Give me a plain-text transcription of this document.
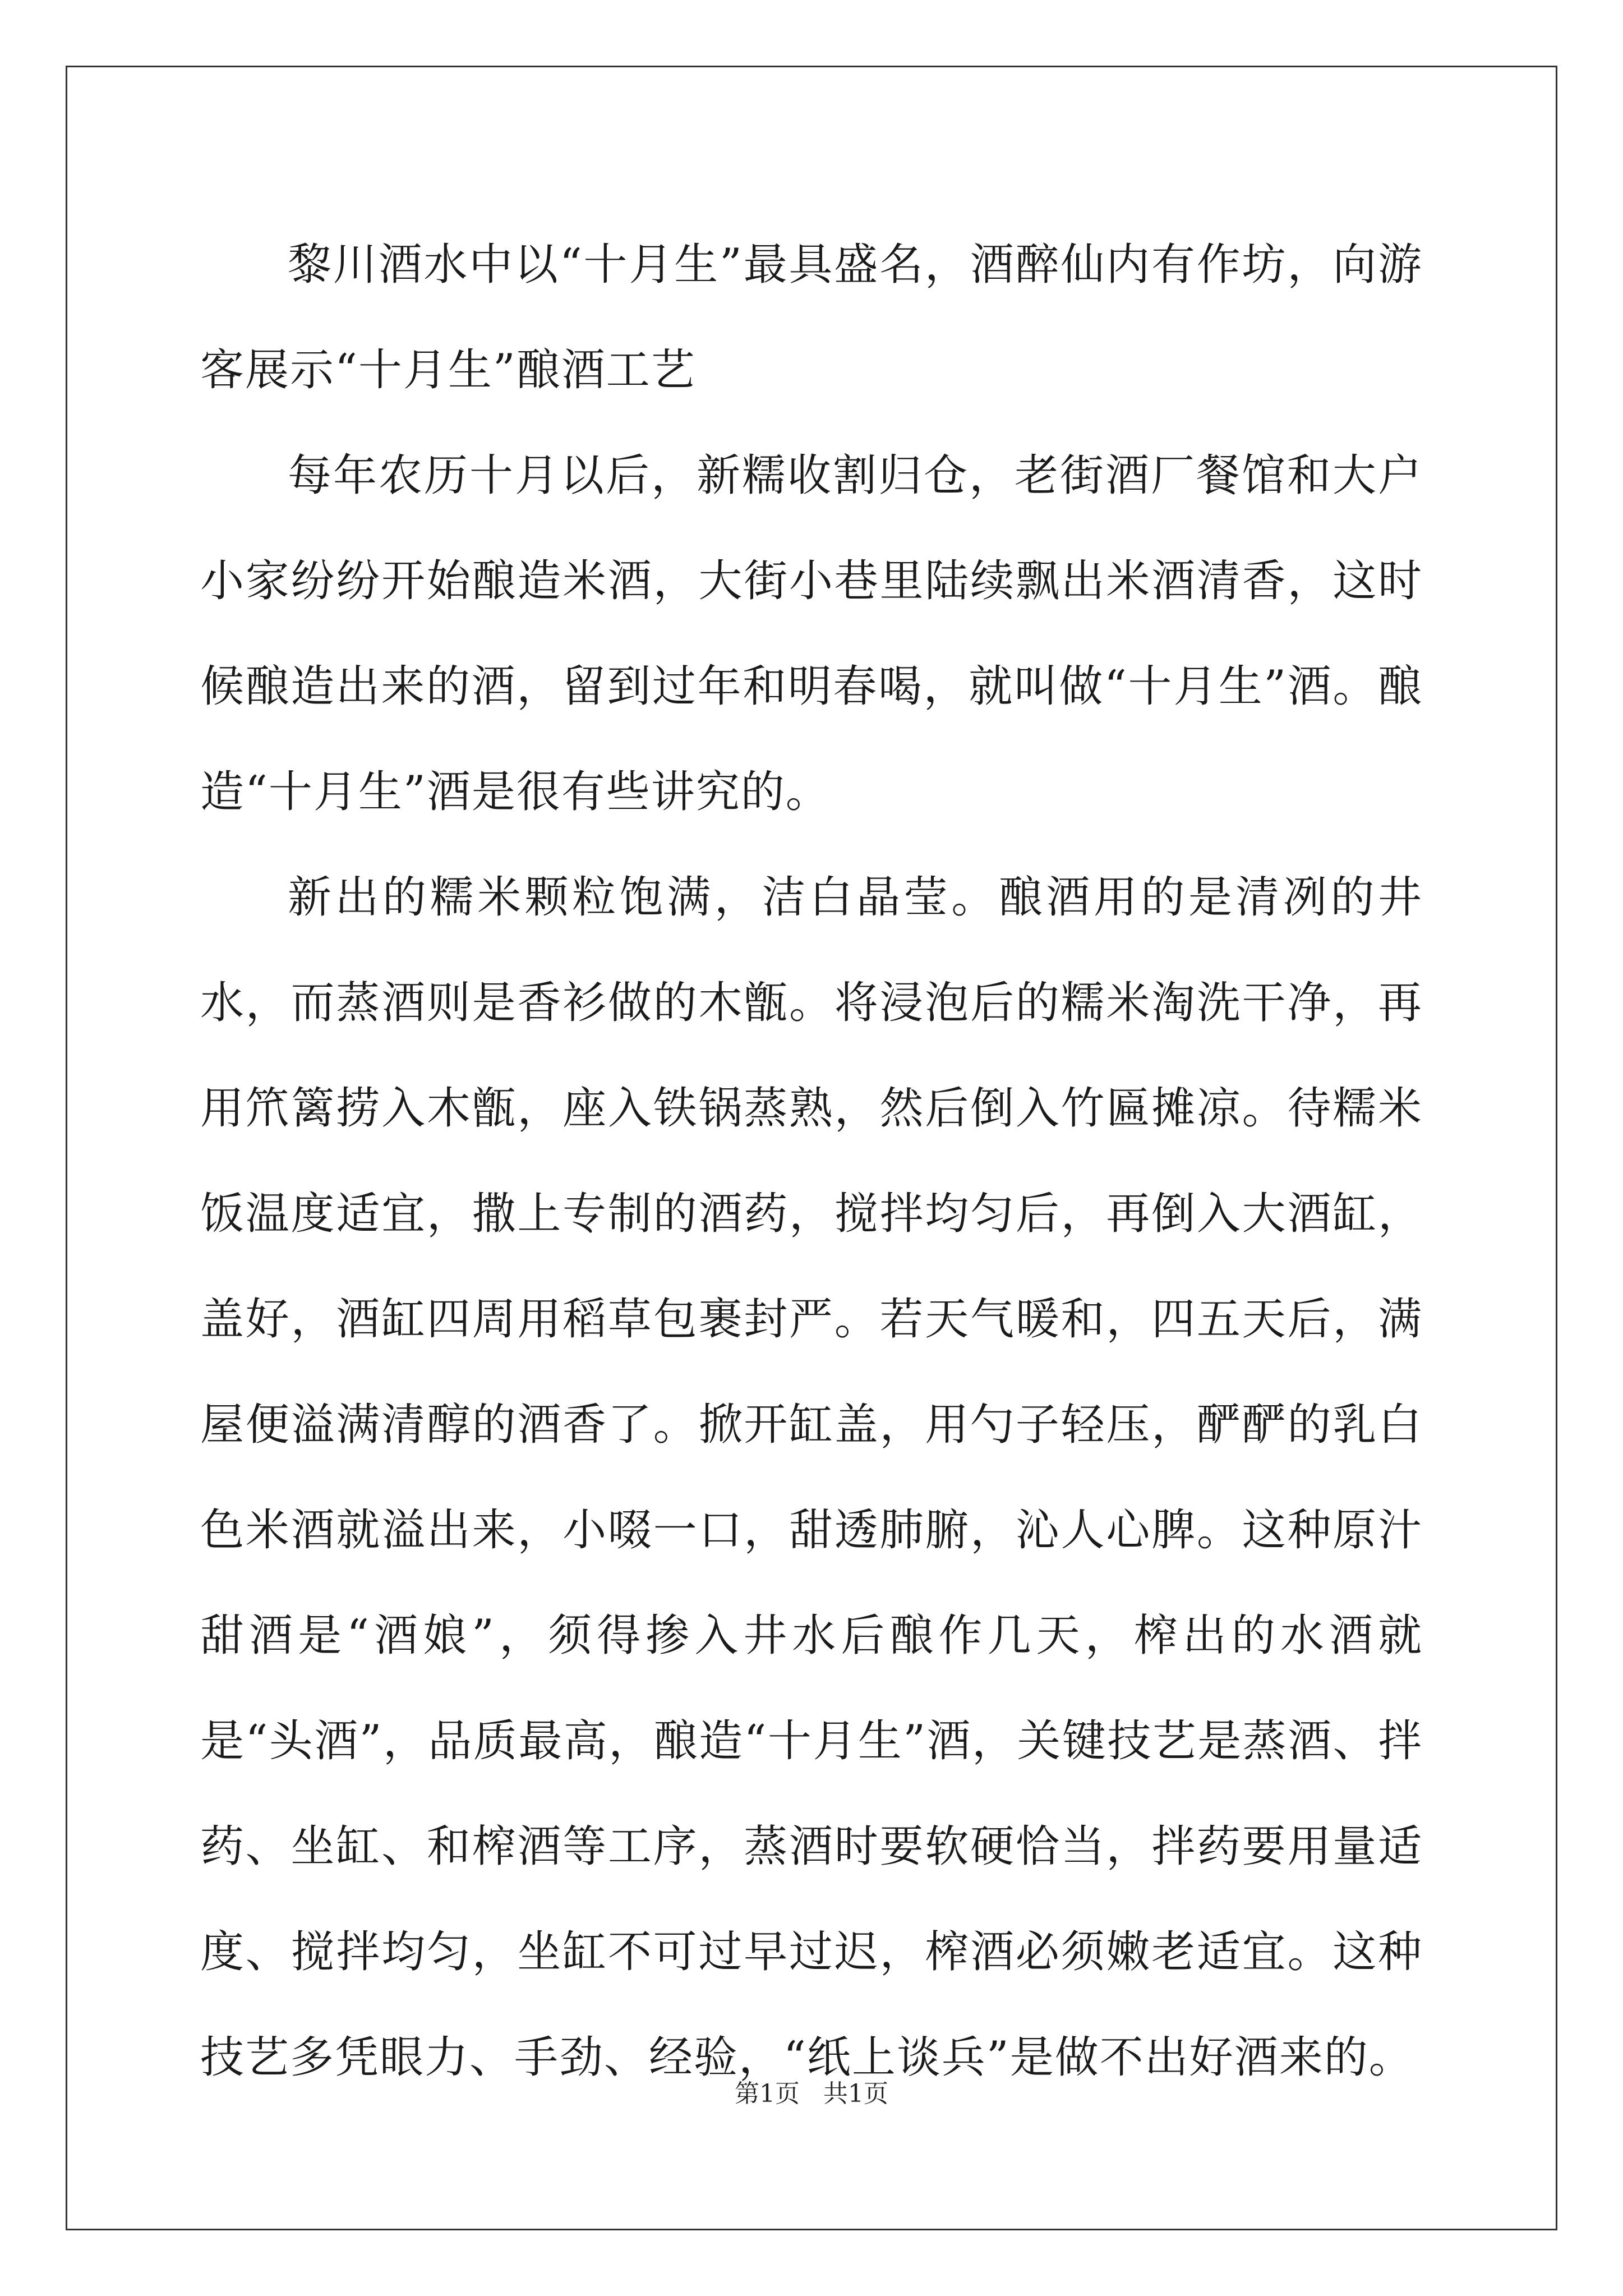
黎川酒水中以“十月生”最具盛名，酒醉仙内有作坊，向游客展示“十月生”酿酒工艺

每年农历十月以后，新糯收割归仓，老街酒厂餐馆和大户小家纷纷开始酿造米酒，大街小巷里陆续飘出米酒清香，这时候酿造出来的酒，留到过年和明春喝，就叫做“十月生”酒。酿造“十月生”酒是很有些讲究的。

新出的糯米颗粒饱满，洁白晶莹。酿酒用的是清冽的井水，而蒸酒则是香衫做的木甑。将浸泡后的糯米淘洗干净，再用笊篱捞入木甑，座入铁锅蒸熟，然后倒入竹匾摊凉。待糯米饭温度适宜，撒上专制的酒药，搅拌均匀后，再倒入大酒缸，盖好，酒缸四周用稻草包裹封严。若天气暖和，四五天后，满屋便溢满清醇的酒香了。掀开缸盖，用勺子轻压，酽酽的乳白色米酒就溢出来，小啜一口，甜透肺腑，沁人心脾。这种原汁甜酒是“酒娘”，须得掺入井水后酿作几天，榨出的水酒就是“头酒”，品质最高，酿造“十月生”酒，关键技艺是蒸酒、拌药、坐缸、和榨酒等工序，蒸酒时要软硬恰当，拌药要用量适度、搅拌均匀，坐缸不可过早过迟，榨酒必须嫩老适宜。这种技艺多凭眼力、手劲、经验，“纸上谈兵”是做不出好酒来的。

第1页 共1页
